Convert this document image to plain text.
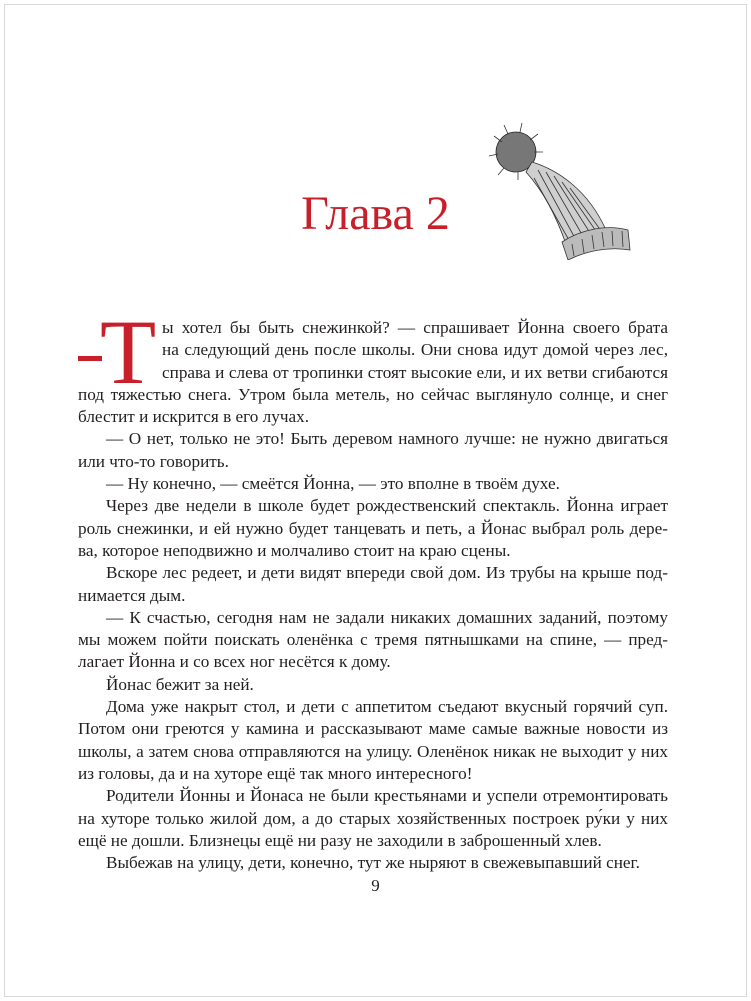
Глава 2
Т ы хотел бы быть снежинкой? — спрашивает Йонна своего брата
на следующий день после школы. Они снова идут домой через лес,
справа и слева от тропинки стоят высокие ели, и их ветви сгибаются
под тяжестью снега. Утром была метель, но сейчас выглянуло солнце, и снег
блестит и искрится в его лучах.
— О нет, только не это! Быть деревом намного лучше: не нужно двигаться
или что-то говорить.
— Ну конечно, — смеётся Йонна, — это вполне в твоём духе.
Через две недели в школе будет рождественский спектакль. Йонна играет
роль снежинки, и ей нужно будет танцевать и петь, а Йонас выбрал роль дере-
ва, которое неподвижно и молчаливо стоит на краю сцены.
Вскоре лес редеет, и дети видят впереди свой дом. Из трубы на крыше под-
нимается дым.
— К счастью, сегодня нам не задали никаких домашних заданий, поэтому
мы можем пойти поискать оленёнка с тремя пятнышками на спине, — пред-
лагает Йонна и со всех ног несётся к дому.
Йонас бежит за ней.
Дома уже накрыт стол, и дети с аппетитом съедают вкусный горячий суп.
Потом они греются у камина и рассказывают маме самые важные новости из
школы, а затем снова отправляются на улицу. Оленёнок никак не выходит у них
из головы, да и на хуторе ещё так много интересного!
Родители Йонны и Йонаса не были крестьянами и успели отремонтировать
на хуторе только жилой дом, а до старых хозяйственных построек ру́ки у них
ещё не дошли. Близнецы ещё ни разу не заходили в заброшенный хлев.
Выбежав на улицу, дети, конечно, тут же ныряют в свежевыпавший снег.
9
